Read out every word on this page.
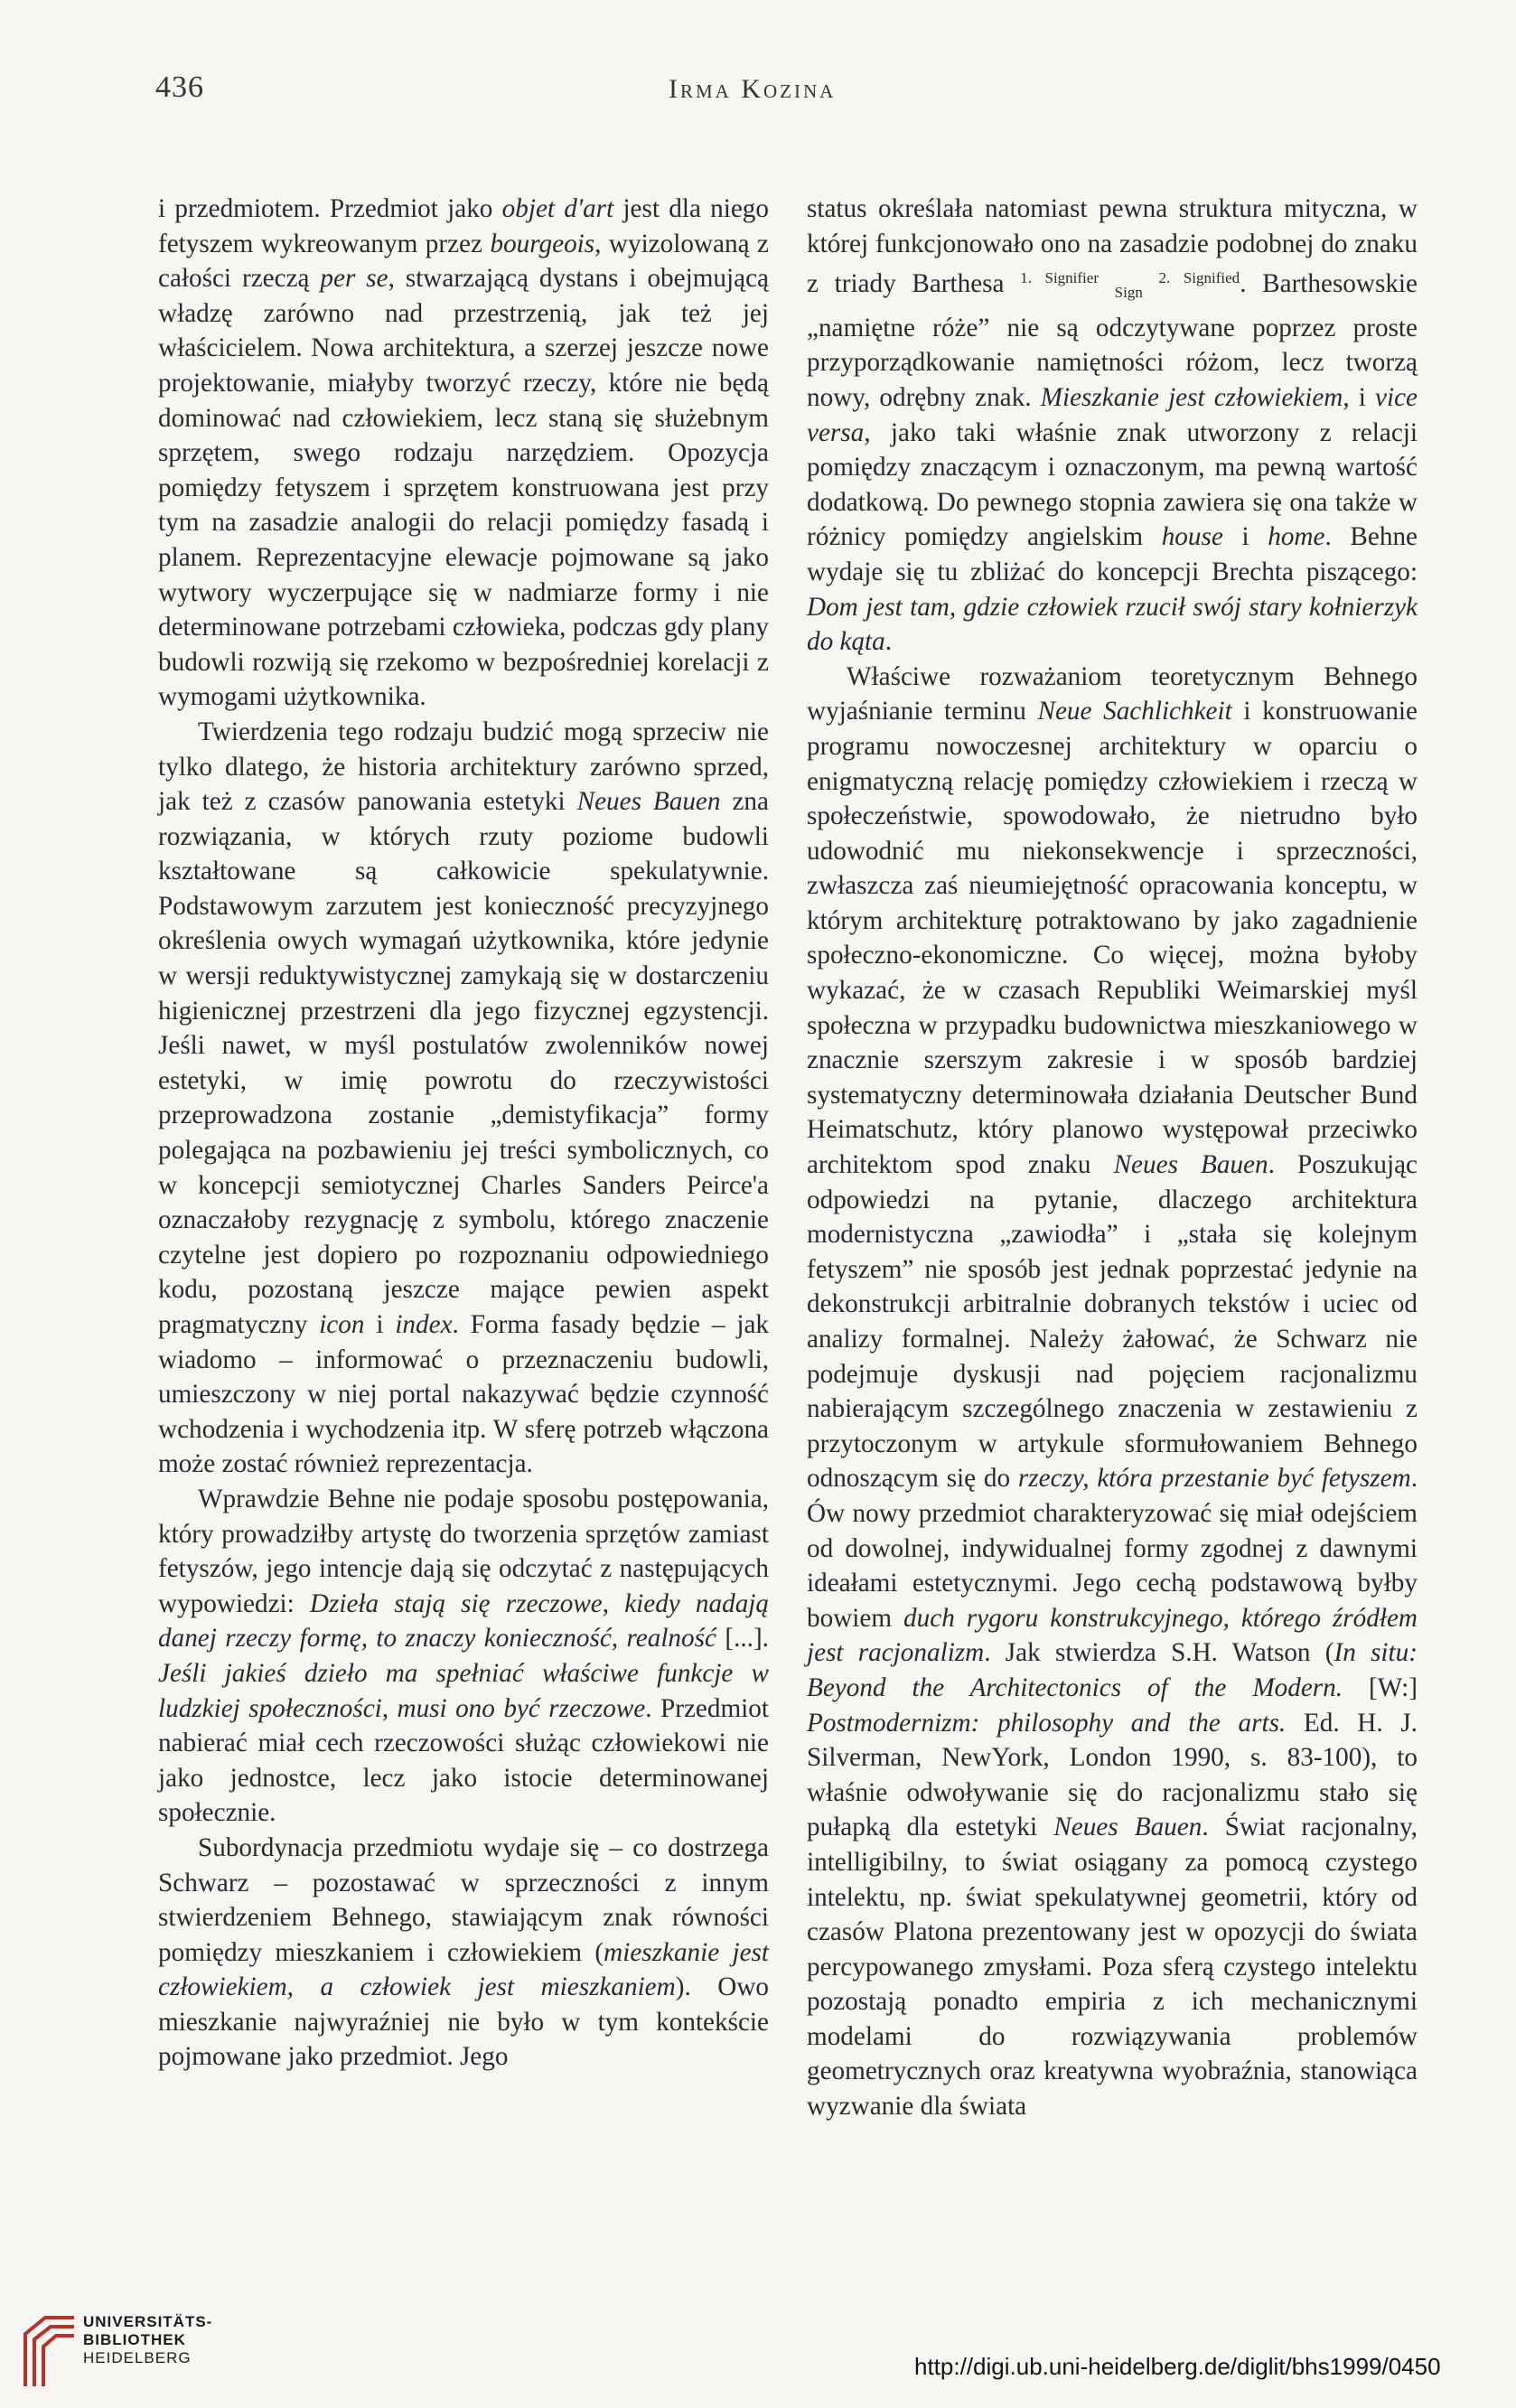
436	Irma Kozina

i przedmiotem. Przedmiot jako objet d'art jest dla niego fetyszem wykreowanym przez bourgeois, wyizolowaną z całości rzeczą per se, stwarzającą dystans i obejmującą władzę zarówno nad przestrzenią, jak też jej właścicielem. Nowa architektura, a szerzej jeszcze nowe projektowanie, miałyby tworzyć rzeczy, które nie będą dominować nad człowiekiem, lecz staną się służebnym sprzętem, swego rodzaju narzędziem. Opozycja pomiędzy fetyszem i sprzętem konstruowana jest przy tym na zasadzie analogii do relacji pomiędzy fasadą i planem. Reprezentacyjne elewacje pojmowane są jako wytwory wyczerpujące się w nadmiarze formy i nie determinowane potrzebami człowieka, podczas gdy plany budowli rozwiją się rzekomo w bezpośredniej korelacji z wymogami użytkownika.

Twierdzenia tego rodzaju budzić mogą sprzeciw nie tylko dlatego, że historia architektury zarówno sprzed, jak też z czasów panowania estetyki Neues Bauen zna rozwiązania, w których rzuty poziome budowli kształtowane są całkowicie spekulatywnie. Podstawowym zarzutem jest konieczność precyzyjnego określenia owych wymagań użytkownika, które jedynie w wersji reduktywistycznej zamykają się w dostarczeniu higienicznej przestrzeni dla jego fizycznej egzystencji. Jeśli nawet, w myśl postulatów zwolenników nowej estetyki, w imię powrotu do rzeczywistości przeprowadzona zostanie „demistyfikacja” formy polegająca na pozbawieniu jej treści symbolicznych, co w koncepcji semiotycznej Charles Sanders Peirce'a oznaczałoby rezygnację z symbolu, którego znaczenie czytelne jest dopiero po rozpoznaniu odpowiedniego kodu, pozostaną jeszcze mające pewien aspekt pragmatyczny icon i index. Forma fasady będzie – jak wiadomo – informować o przeznaczeniu budowli, umieszczony w niej portal nakazywać będzie czynność wchodzenia i wychodzenia itp. W sferę potrzeb włączona może zostać również reprezentacja.

Wprawdzie Behne nie podaje sposobu postępowania, który prowadziłby artystę do tworzenia sprzętów zamiast fetyszów, jego intencje dają się odczytać z następujących wypowiedzi: Dzieła stają się rzeczowe, kiedy nadają danej rzeczy formę, to znaczy konieczność, realność [...]. Jeśli jakieś dzieło ma spełniać właściwe funkcje w ludzkiej społeczności, musi ono być rzeczowe. Przedmiot nabierać miał cech rzeczowości służąc człowiekowi nie jako jednostce, lecz jako istocie determinowanej społecznie.

Subordynacja przedmiotu wydaje się – co dostrzega Schwarz – pozostawać w sprzeczności z innym stwierdzeniem Behnego, stawiającym znak równości pomiędzy mieszkaniem i człowiekiem (mieszkanie jest człowiekiem, a człowiek jest mieszkaniem). Owo mieszkanie najwyraźniej nie było w tym kontekście pojmowane jako przedmiot. Jego

status określała natomiast pewna struktura mityczna, w której funkcjonowało ono na zasadzie podobnej do znaku z triady Barthesa $^{1. Signifier}$ $_{Sign}$ $^{2. Signified}$. Barthesowskie „namiętne róże” nie są odczytywane poprzez proste przyporządkowanie namiętności różom, lecz tworzą nowy, odrębny znak. Mieszkanie jest człowiekiem, i vice versa, jako taki właśnie znak utworzony z relacji pomiędzy znaczącym i oznaczonym, ma pewną wartość dodatkową. Do pewnego stopnia zawiera się ona także w różnicy pomiędzy angielskim house i home. Behne wydaje się tu zbliżać do koncepcji Brechta piszącego: Dom jest tam, gdzie człowiek rzucił swój stary kołnierzyk do kąta.

Właściwe rozważaniom teoretycznym Behnego wyjaśnianie terminu Neue Sachlichkeit i konstruowanie programu nowoczesnej architektury w oparciu o enigmatyczną relację pomiędzy człowiekiem i rzeczą w społeczeństwie, spowodowało, że nietrudno było udowodnić mu niekonsekwencje i sprzeczności, zwłaszcza zaś nieumiejętność opracowania konceptu, w którym architekturę potraktowano by jako zagadnienie społeczno-ekonomiczne. Co więcej, można byłoby wykazać, że w czasach Republiki Weimarskiej myśl społeczna w przypadku budownictwa mieszkaniowego w znacznie szerszym zakresie i w sposób bardziej systematyczny determinowała działania Deutscher Bund Heimatschutz, który planowo występował przeciwko architektom spod znaku Neues Bauen. Poszukując odpowiedzi na pytanie, dlaczego architektura modernistyczna „zawiodła” i „stała się kolejnym fetyszem” nie sposób jest jednak poprzestać jedynie na dekonstrukcji arbitralnie dobranych tekstów i uciec od analizy formalnej. Należy żałować, że Schwarz nie podejmuje dyskusji nad pojęciem racjonalizmu nabierającym szczególnego znaczenia w zestawieniu z przytoczonym w artykule sformułowaniem Behnego odnoszącym się do rzeczy, która przestanie być fetyszem. Ów nowy przedmiot charakteryzować się miał odejściem od dowolnej, indywidualnej formy zgodnej z dawnymi ideałami estetycznymi. Jego cechą podstawową byłby bowiem duch rygoru konstrukcyjnego, którego źródłem jest racjonalizm. Jak stwierdza S.H. Watson (In situ: Beyond the Architectonics of the Modern. [W:] Postmodernizm: philosophy and the arts. Ed. H. J. Silverman, NewYork, London 1990, s. 83-100), to właśnie odwoływanie się do racjonalizmu stało się pułapką dla estetyki Neues Bauen. Świat racjonalny, intelligibilny, to świat osiągany za pomocą czystego intelektu, np. świat spekulatywnej geometrii, który od czasów Platona prezentowany jest w opozycji do świata percypowanego zmysłami. Poza sferą czystego intelektu pozostają ponadto empiria z ich mechanicznymi modelami do rozwiązywania problemów geometrycznych oraz kreatywna wyobraźnia, stanowiąca wyzwanie dla świata

UNIVERSITÄTS-
BIBLIOTHEK
HEIDELBERG	http://digi.ub.uni-heidelberg.de/diglit/bhs1999/0450
